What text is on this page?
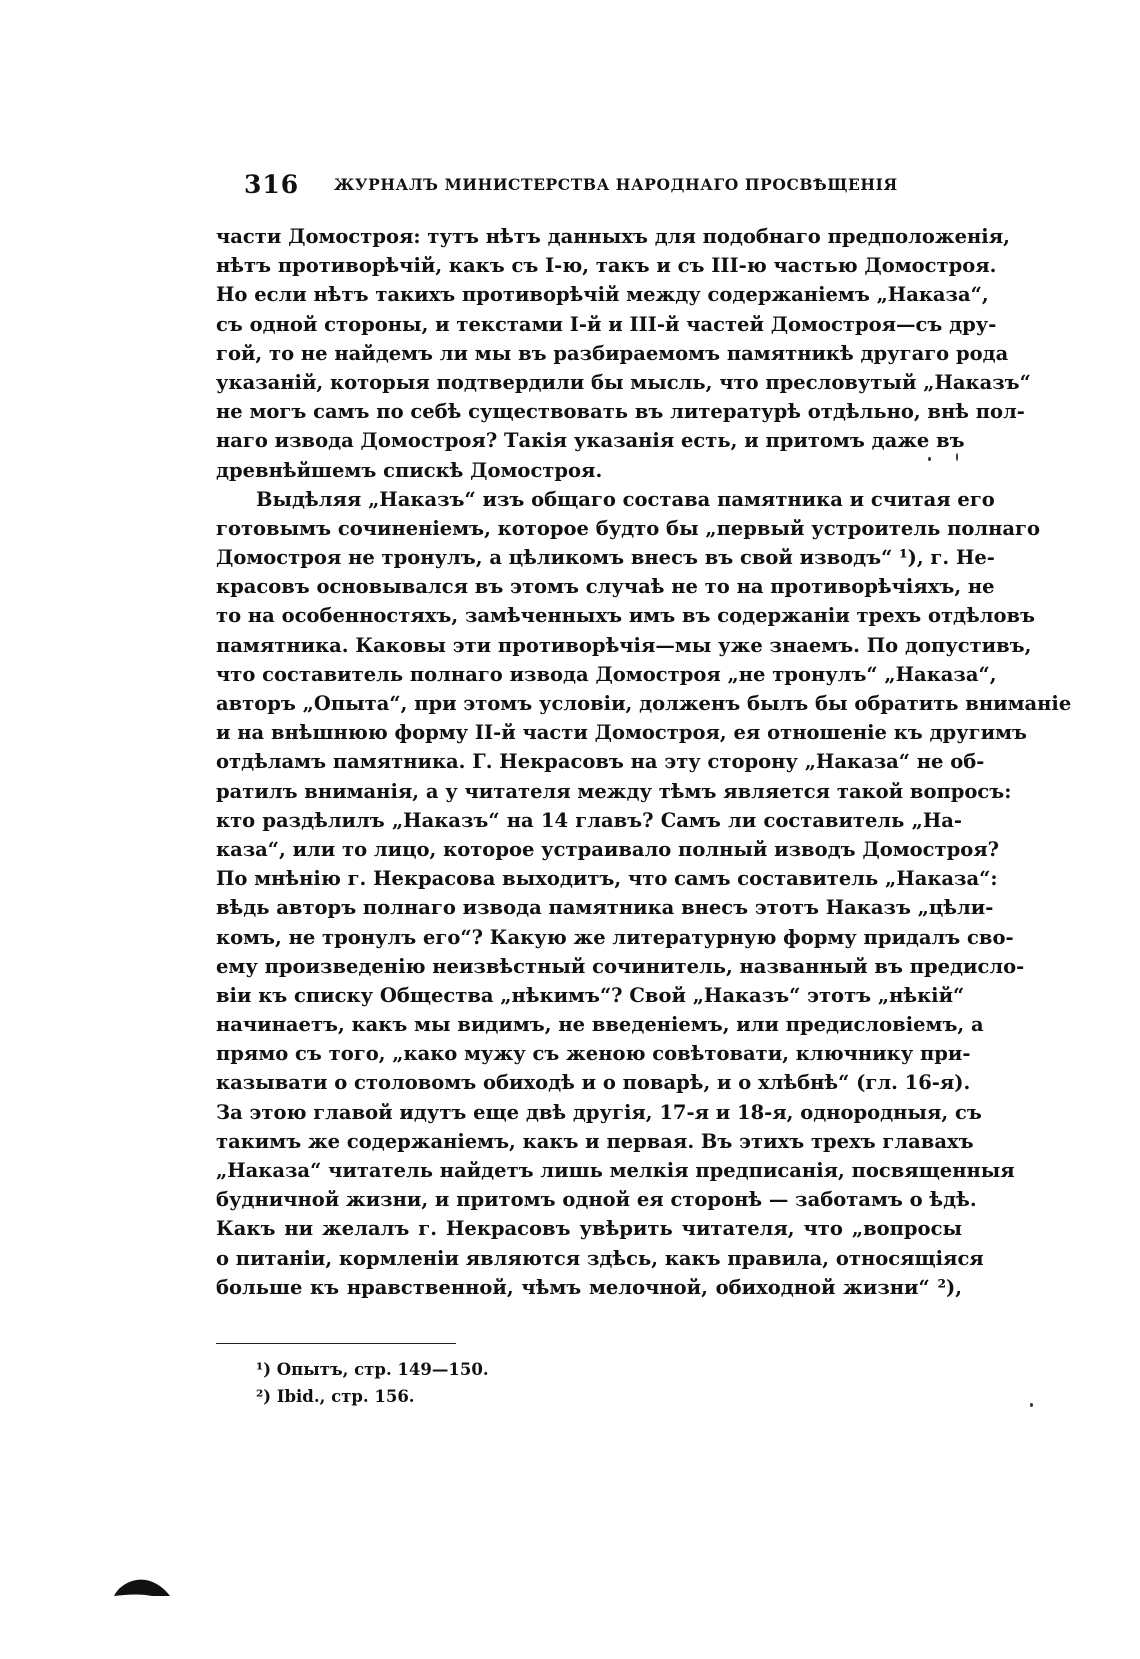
316 ЖУРНАЛЪ МИНИСТЕРСТВА НАРОДНАГО ПРОСВѢЩЕНІЯ
части Домостроя: тутъ нѣтъ данныхъ для подобнаго предположенія,
нѣтъ противорѣчій, какъ съ I-ю, такъ и съ III-ю частью Домостроя.
Но если нѣтъ такихъ противорѣчій между содержаніемъ „Наказа“,
съ одной стороны, и текстами I-й и III-й частей Домостроя—съ дру-
гой, то не найдемъ ли мы въ разбираемомъ памятникѣ другаго рода
указаній, которыя подтвердили бы мысль, что пресловутый „Наказъ“
не могъ самъ по себѣ существовать въ литературѣ отдѣльно, внѣ пол-
наго извода Домостроя? Такія указанія есть, и притомъ даже въ
древнѣйшемъ спискѣ Домостроя.
Выдѣляя „Наказъ“ изъ общаго состава памятника и считая его
готовымъ сочиненіемъ, которое будто бы „первый устроитель полнаго
Домостроя не тронулъ, а цѣликомъ внесъ въ свой изводъ“ ¹), г. Не-
красовъ основывался въ этомъ случаѣ не то на противорѣчіяхъ, не
то на особенностяхъ, замѣченныхъ имъ въ содержаніи трехъ отдѣловъ
памятника. Каковы эти противорѣчія—мы уже знаемъ. По допустивъ,
что составитель полнаго извода Домостроя „не тронулъ“ „Наказа“,
авторъ „Опыта“, при этомъ условіи, долженъ былъ бы обратить вниманіе
и на внѣшнюю форму II-й части Домостроя, ея отношеніе къ другимъ
отдѣламъ памятника. Г. Некрасовъ на эту сторону „Наказа“ не об-
ратилъ вниманія, а у читателя между тѣмъ является такой вопросъ:
кто раздѣлилъ „Наказъ“ на 14 главъ? Самъ ли составитель „На-
каза“, или то лицо, которое устраивало полный изводъ Домостроя?
По мнѣнію г. Некрасова выходитъ, что самъ составитель „Наказа“:
вѣдь авторъ полнаго извода памятника внесъ этотъ Наказъ „цѣли-
комъ, не тронулъ его“? Какую же литературную форму придалъ сво-
ему произведенію неизвѣстный сочинитель, названный въ предисло-
віи къ списку Общества „нѣкимъ“? Свой „Наказъ“ этотъ „нѣкій“
начинаетъ, какъ мы видимъ, не введеніемъ, или предисловіемъ, а
прямо съ того, „како мужу съ женою совѣтовати, ключнику при-
казывати о столовомъ обиходѣ и о поварѣ, и о хлѣбнѣ“ (гл. 16-я).
За этою главой идутъ еще двѣ другія, 17-я и 18-я, однородныя, съ
такимъ же содержаніемъ, какъ и первая. Въ этихъ трехъ главахъ
„Наказа“ читатель найдетъ лишь мелкія предписанія, посвященныя
будничной жизни, и притомъ одной ея сторонѣ — заботамъ о ѣдѣ.
Какъ ни желалъ г. Некрасовъ увѣрить читателя, что „вопросы
о питаніи, кормленіи являются здѣсь, какъ правила, относящіяся
больше къ нравственной, чѣмъ мелочной, обиходной жизни“ ²),
¹) Опытъ, стр. 149—150.
²) Ibid., стр. 156.
